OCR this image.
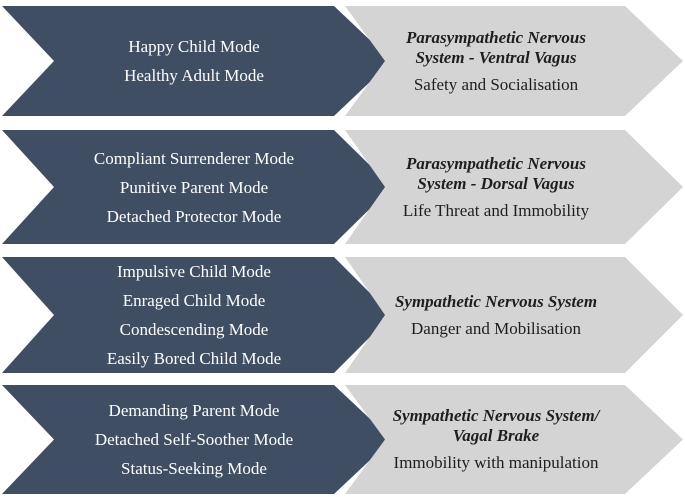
Happy Child Mode
Healthy Adult Mode
Parasympathetic Nervous System - Ventral Vagus
Safety and Socialisation
Compliant Surrenderer Mode
Punitive Parent Mode
Detached Protector Mode
Parasympathetic Nervous System - Dorsal Vagus
Life Threat and Immobility
Impulsive Child Mode
Enraged Child Mode
Condescending Mode
Easily Bored Child Mode
Sympathetic Nervous System
Danger and Mobilisation
Demanding Parent Mode
Detached Self-Soother Mode
Status-Seeking Mode
Sympathetic Nervous System/ Vagal Brake
Immobility with manipulation
